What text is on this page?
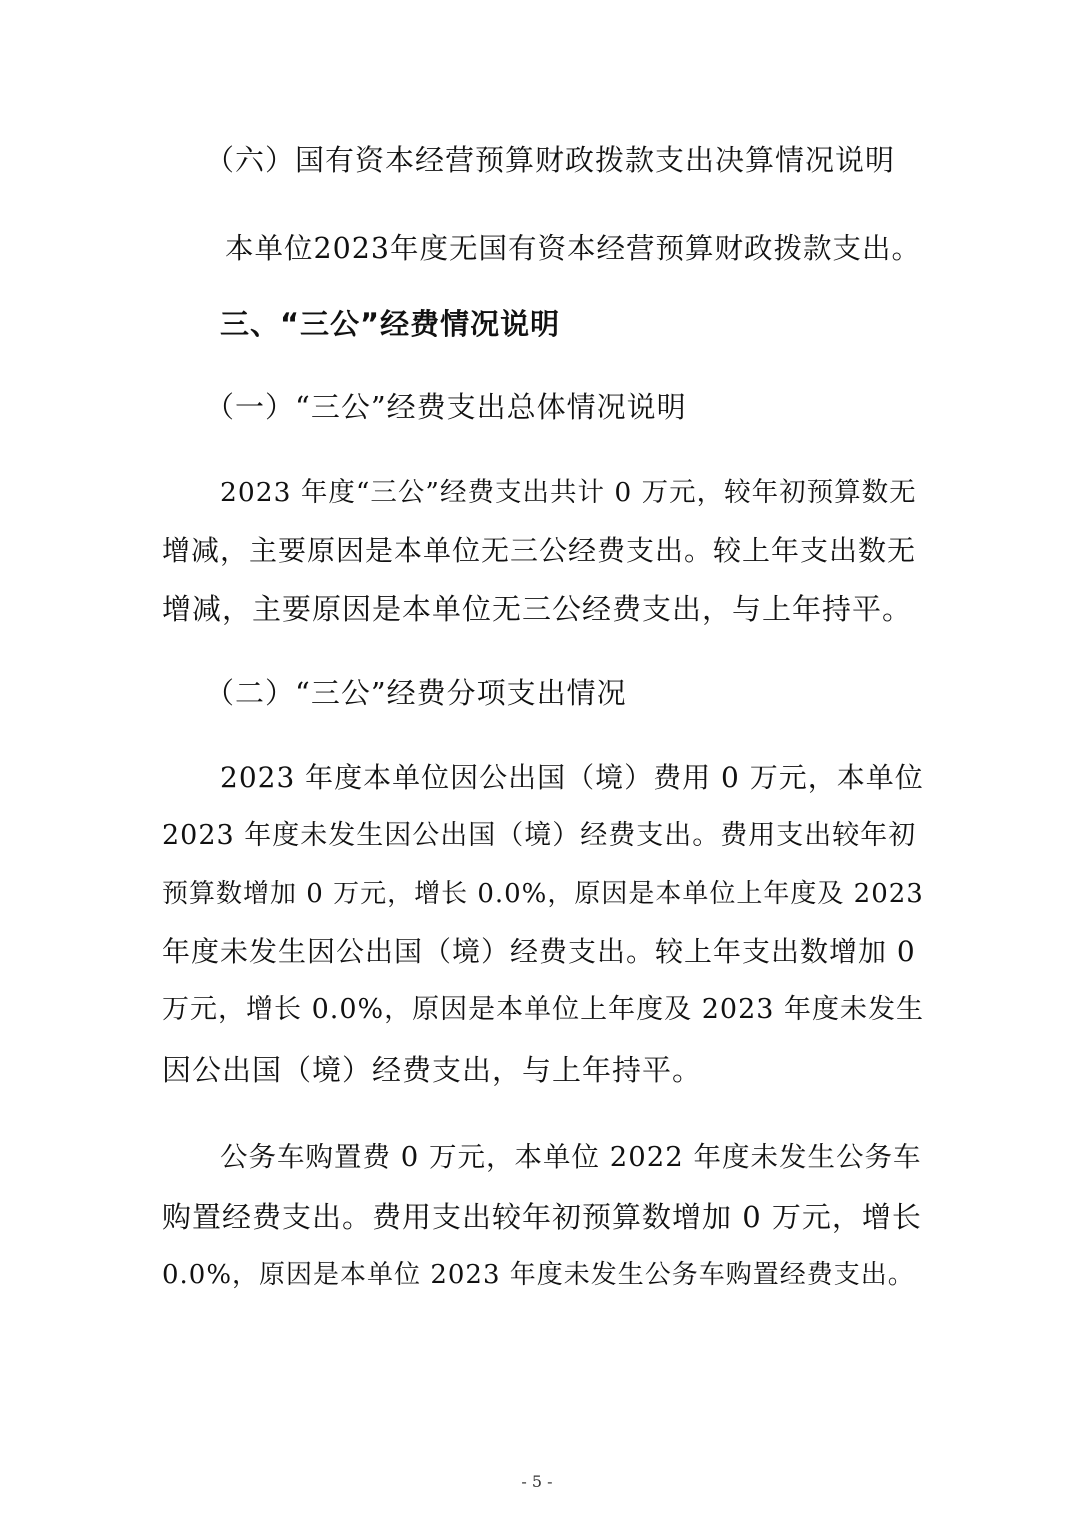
（六）国有资本经营预算财政拨款支出决算情况说明
本单位2023年度无国有资本经营预算财政拨款支出。
三、“三公”经费情况说明
（一）“三公”经费支出总体情况说明
2023 年度“三公”经费支出共计 0 万元，较年初预算数无
增减，主要原因是本单位无三公经费支出。较上年支出数无
增减，主要原因是本单位无三公经费支出，与上年持平。
（二）“三公”经费分项支出情况
2023 年度本单位因公出国（境）费用 0 万元，本单位
2023 年度未发生因公出国（境）经费支出。费用支出较年初
预算数增加 0 万元，增长 0.0%，原因是本单位上年度及 2023
年度未发生因公出国（境）经费支出。较上年支出数增加 0
万元，增长 0.0%，原因是本单位上年度及 2023 年度未发生
因公出国（境）经费支出，与上年持平。
公务车购置费 0 万元，本单位 2022 年度未发生公务车
购置经费支出。费用支出较年初预算数增加 0 万元，增长
0.0%，原因是本单位 2023 年度未发生公务车购置经费支出。
- 5 -
